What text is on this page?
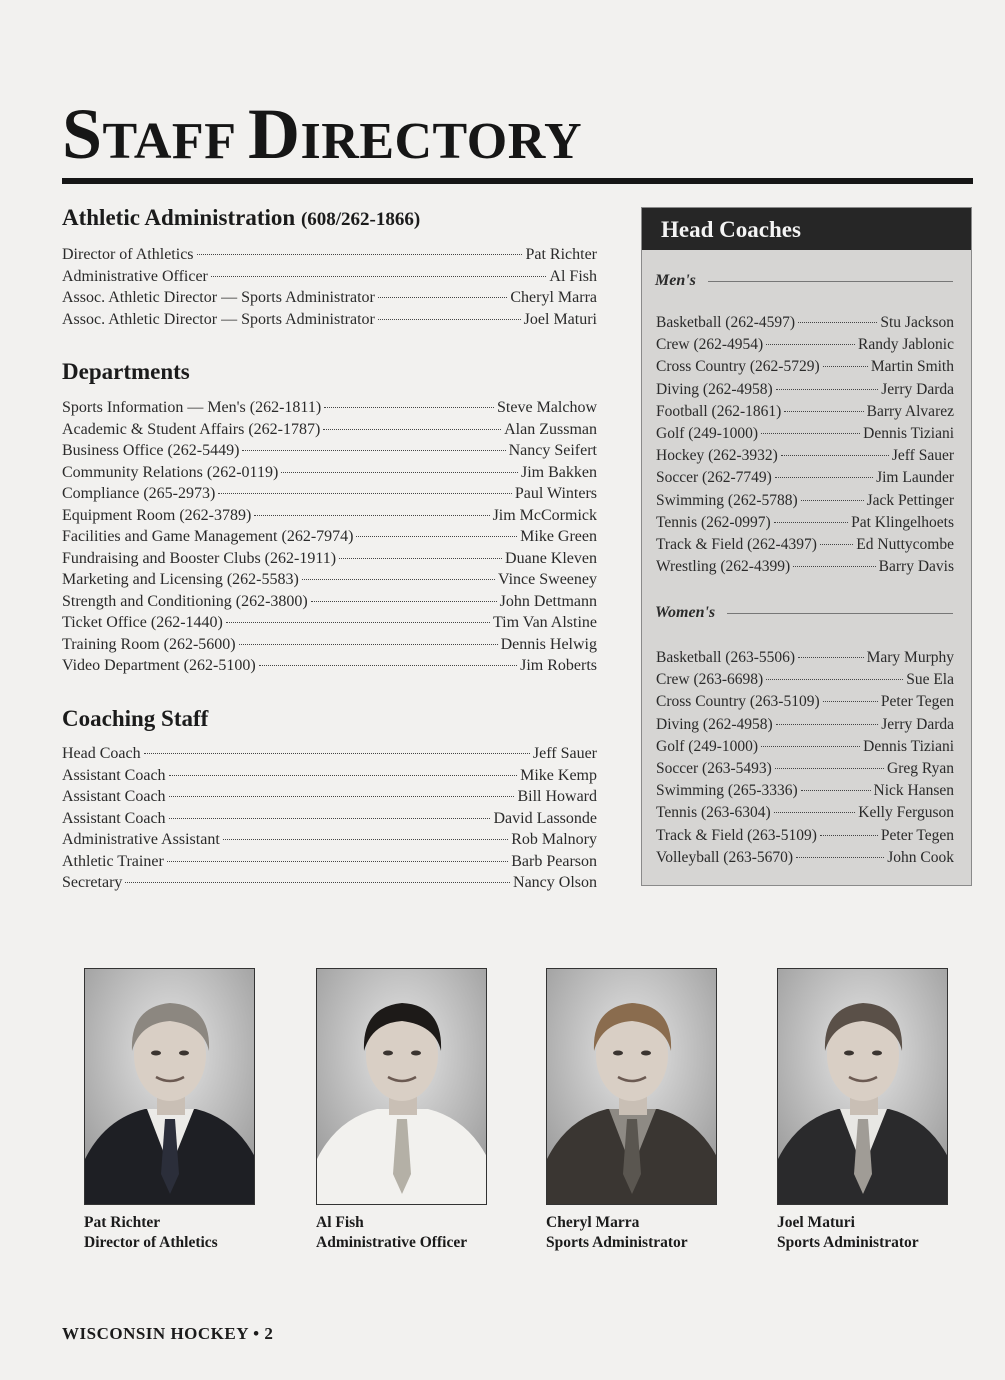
STAFF DIRECTORY
Athletic Administration (608/262-1866)
Director of Athletics	Pat Richter
Administrative Officer	Al Fish
Assoc. Athletic Director — Sports Administrator	Cheryl Marra
Assoc. Athletic Director — Sports Administrator	Joel Maturi
Departments
Sports Information — Men's (262-1811)	Steve Malchow
Academic & Student Affairs (262-1787)	Alan Zussman
Business Office (262-5449)	Nancy Seifert
Community Relations (262-0119)	Jim Bakken
Compliance (265-2973)	Paul Winters
Equipment Room (262-3789)	Jim McCormick
Facilities and Game Management (262-7974)	Mike Green
Fundraising and Booster Clubs (262-1911)	Duane Kleven
Marketing and Licensing (262-5583)	Vince Sweeney
Strength and Conditioning (262-3800)	John Dettmann
Ticket Office (262-1440)	Tim Van Alstine
Training Room (262-5600)	Dennis Helwig
Video Department (262-5100)	Jim Roberts
Coaching Staff
Head Coach	Jeff Sauer
Assistant Coach	Mike Kemp
Assistant Coach	Bill Howard
Assistant Coach	David Lassonde
Administrative Assistant	Rob Malnory
Athletic Trainer	Barb Pearson
Secretary	Nancy Olson
Head Coaches
Men's
Basketball (262-4597)	Stu Jackson
Crew (262-4954)	Randy Jablonic
Cross Country (262-5729)	Martin Smith
Diving (262-4958)	Jerry Darda
Football (262-1861)	Barry Alvarez
Golf (249-1000)	Dennis Tiziani
Hockey (262-3932)	Jeff Sauer
Soccer (262-7749)	Jim Launder
Swimming (262-5788)	Jack Pettinger
Tennis (262-0997)	Pat Klingelhoets
Track & Field (262-4397)	Ed Nuttycombe
Wrestling (262-4399)	Barry Davis
Women's
Basketball (263-5506)	Mary Murphy
Crew (263-6698)	Sue Ela
Cross Country (263-5109)	Peter Tegen
Diving (262-4958)	Jerry Darda
Golf (249-1000)	Dennis Tiziani
Soccer (263-5493)	Greg Ryan
Swimming (265-3336)	Nick Hansen
Tennis (263-6304)	Kelly Ferguson
Track & Field (263-5109)	Peter Tegen
Volleyball (263-5670)	John Cook
Pat Richter
Director of Athletics
Al Fish
Administrative Officer
Cheryl Marra
Sports Administrator
Joel Maturi
Sports Administrator
WISCONSIN HOCKEY • 2
